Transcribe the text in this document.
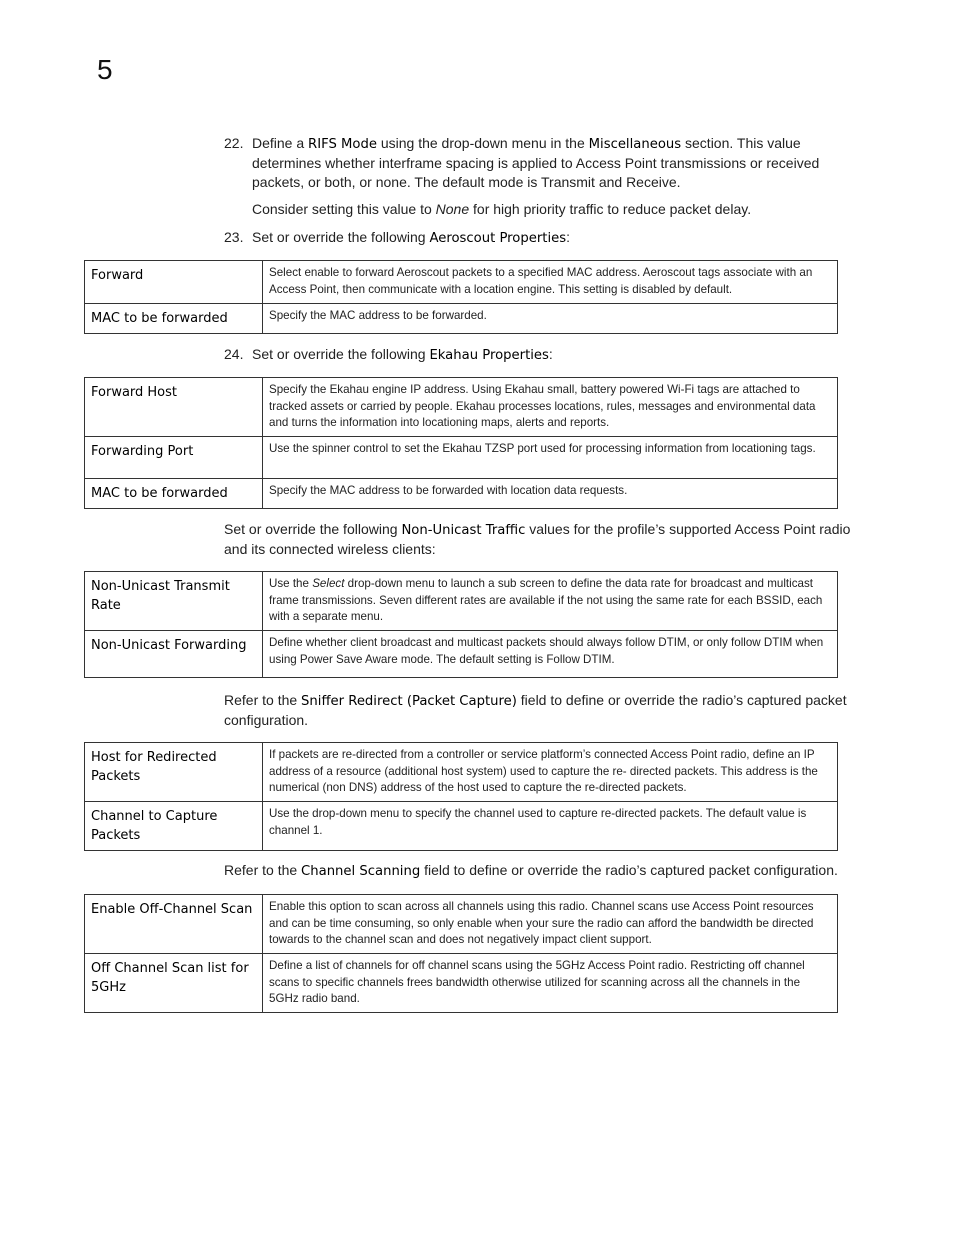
5
22. Define a RIFS Mode using the drop-down menu in the Miscellaneous section. This value determines whether interframe spacing is applied to Access Point transmissions or received packets, or both, or none. The default mode is Transmit and Receive.
Consider setting this value to None for high priority traffic to reduce packet delay.
23. Set or override the following Aeroscout Properties:
Forward	Select enable to forward Aeroscout packets to a specified MAC address. Aeroscout tags associate with an Access Point, then communicate with a location engine. This setting is disabled by default.
MAC to be forwarded	Specify the MAC address to be forwarded.
24. Set or override the following Ekahau Properties:
Forward Host	Specify the Ekahau engine IP address. Using Ekahau small, battery powered Wi-Fi tags are attached to tracked assets or carried by people. Ekahau processes locations, rules, messages and environmental data and turns the information into locationing maps, alerts and reports.
Forwarding Port	Use the spinner control to set the Ekahau TZSP port used for processing information from locationing tags.
MAC to be forwarded	Specify the MAC address to be forwarded with location data requests.
Set or override the following Non-Unicast Traffic values for the profile’s supported Access Point radio and its connected wireless clients:
Non-Unicast Transmit Rate	Use the Select drop-down menu to launch a sub screen to define the data rate for broadcast and multicast frame transmissions. Seven different rates are available if the not using the same rate for each BSSID, each with a separate menu.
Non-Unicast Forwarding	Define whether client broadcast and multicast packets should always follow DTIM, or only follow DTIM when using Power Save Aware mode. The default setting is Follow DTIM.
Refer to the Sniffer Redirect (Packet Capture) field to define or override the radio’s captured packet configuration.
Host for Redirected Packets	If packets are re-directed from a controller or service platform’s connected Access Point radio, define an IP address of a resource (additional host system) used to capture the re- directed packets. This address is the numerical (non DNS) address of the host used to capture the re-directed packets.
Channel to Capture Packets	Use the drop-down menu to specify the channel used to capture re-directed packets. The default value is channel 1.
Refer to the Channel Scanning field to define or override the radio’s captured packet configuration.
Enable Off-Channel Scan	Enable this option to scan across all channels using this radio. Channel scans use Access Point resources and can be time consuming, so only enable when your sure the radio can afford the bandwidth be directed towards to the channel scan and does not negatively impact client support.
Off Channel Scan list for 5GHz	Define a list of channels for off channel scans using the 5GHz Access Point radio. Restricting off channel scans to specific channels frees bandwidth otherwise utilized for scanning across all the channels in the 5GHz radio band.
